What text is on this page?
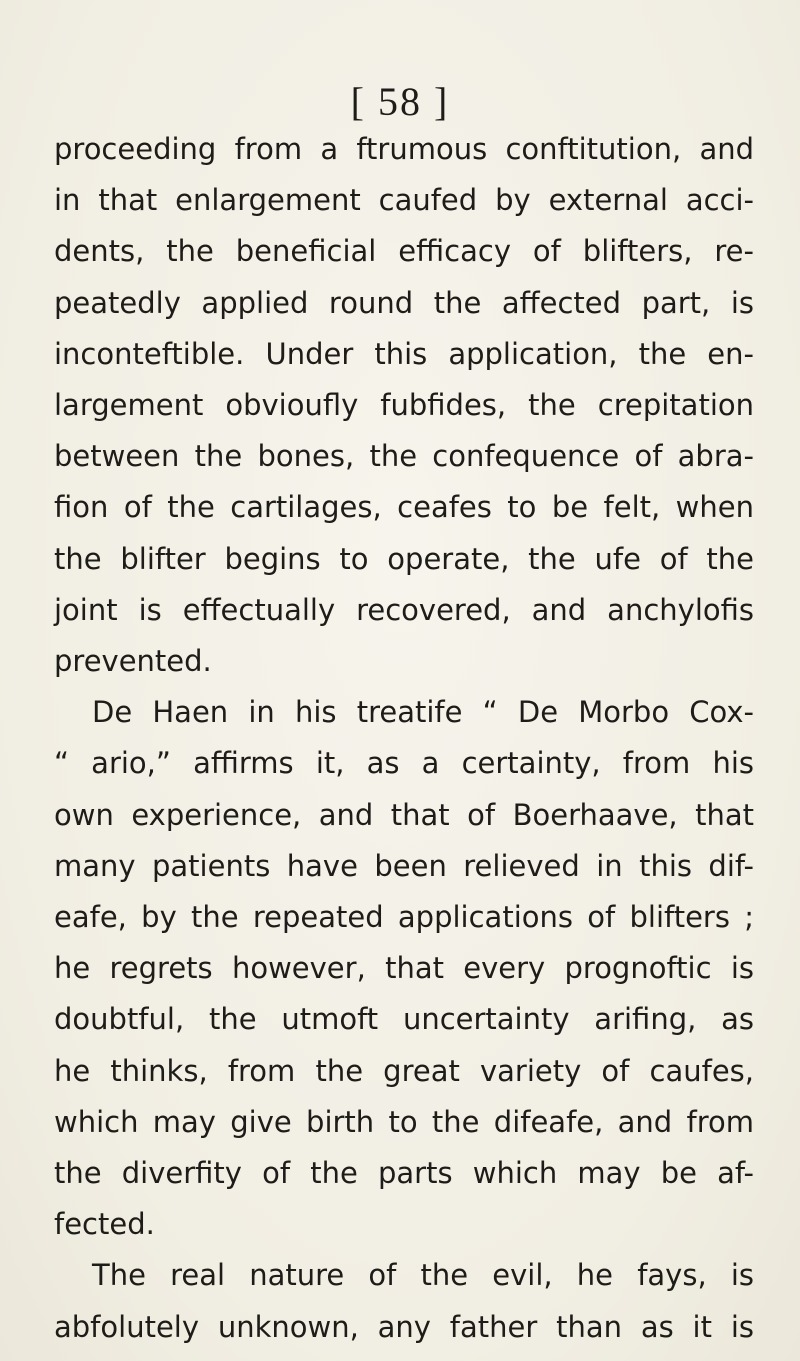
[ 58 ]
proceeding from a ftrumous conftitution, and
in that enlargement caufed by external acci-
dents, the beneficial efficacy of blifters, re-
peatedly applied round the affected part, is
inconteftible. Under this application, the en-
largement obvioufly fubfides, the crepitation
between the bones, the confequence of abra-
fion of the cartilages, ceafes to be felt, when
the blifter begins to operate, the ufe of the
joint is effectually recovered, and anchylofis
prevented.
De Haen in his treatife “ De Morbo Cox-
“ ario,” affirms it, as a certainty, from his
own experience, and that of Boerhaave, that
many patients have been relieved in this dif-
eafe, by the repeated applications of blifters ;
he regrets however, that every prognoftic is
doubtful, the utmoft uncertainty arifing, as
he thinks, from the great variety of caufes,
which may give birth to the difeafe, and from
the diverfity of the parts which may be af-
fected.
The real nature of the evil, he fays, is
abfolutely unknown, any father than as it is
